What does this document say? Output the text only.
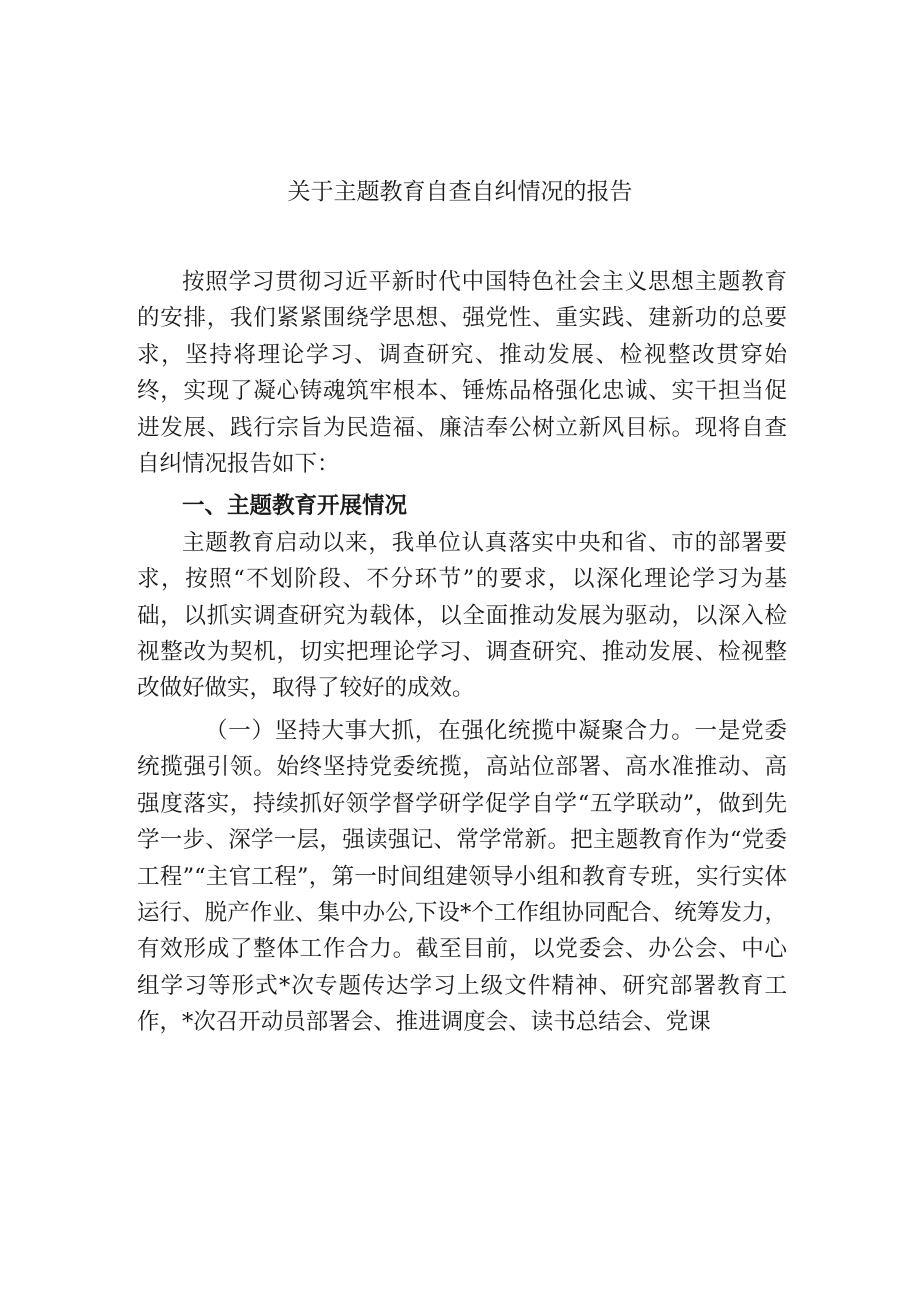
关于主题教育自查自纠情况的报告

按照学习贯彻习近平新时代中国特色社会主义思想主题教育的安排，我们紧紧围绕学思想、强党性、重实践、建新功的总要求，坚持将理论学习、调查研究、推动发展、检视整改贯穿始终，实现了凝心铸魂筑牢根本、锤炼品格强化忠诚、实干担当促进发展、践行宗旨为民造福、廉洁奉公树立新风目标。现将自查自纠情况报告如下：

一、主题教育开展情况

主题教育启动以来，我单位认真落实中央和省、市的部署要求，按照“不划阶段、不分环节”的要求，以深化理论学习为基础，以抓实调查研究为载体，以全面推动发展为驱动，以深入检视整改为契机，切实把理论学习、调查研究、推动发展、检视整改做好做实，取得了较好的成效。

（一）坚持大事大抓，在强化统揽中凝聚合力。一是党委统揽强引领。始终坚持党委统揽，高站位部署、高水准推动、高强度落实，持续抓好领学督学研学促学自学“五学联动”，做到先学一步、深学一层，强读强记、常学常新。把主题教育作为“党委工程”“主官工程”，第一时间组建领导小组和教育专班，实行实体运行、脱产作业、集中办公,下设*个工作组协同配合、统筹发力，有效形成了整体工作合力。截至目前，以党委会、办公会、中心组学习等形式*次专题传达学习上级文件精神、研究部署教育工作，*次召开动员部署会、推进调度会、读书总结会、党课
